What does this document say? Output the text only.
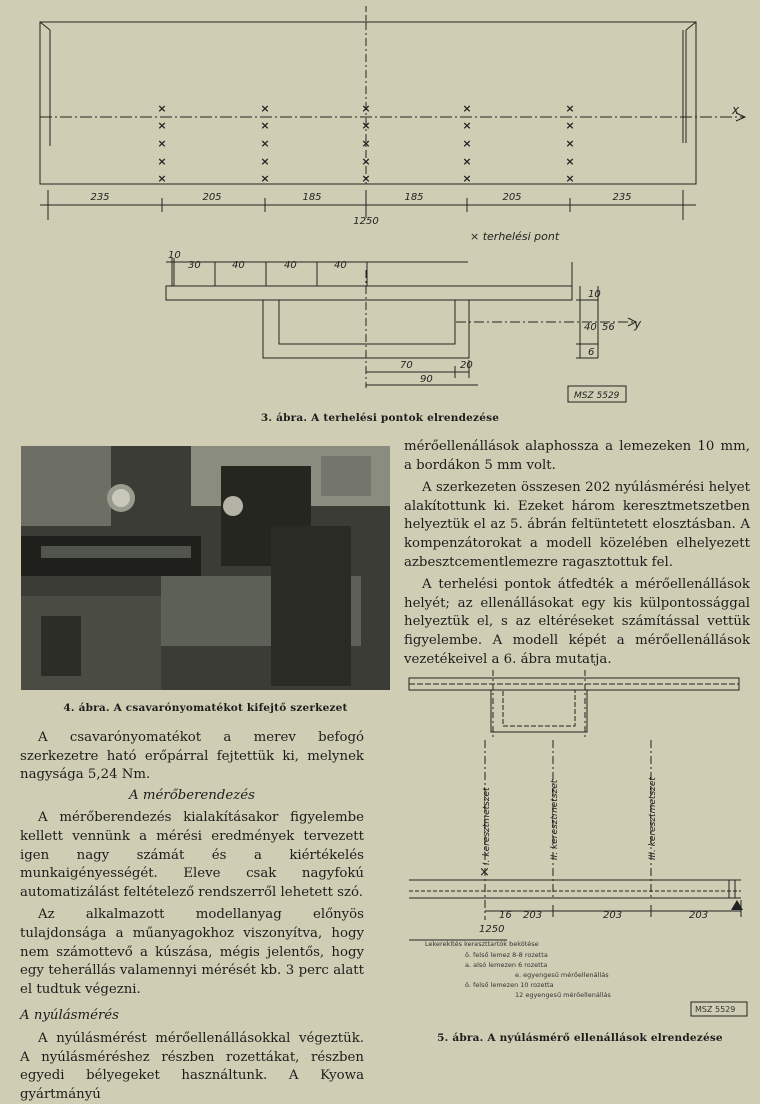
×
×
×
×
×
×
×
×
×
×
×
×
×
×
×
×
×
×
×
×
×
×
×
×
×
235	205	185	185	205	235
1250
x
× terhelési pont
10
30	40	40	40
10
40 56
6
y
70	20
90
MSZ 5529
3. ábra. A terhelési pontok elrendezése
4. ábra. A csavarónyomatékot kifejtő szerkezet

mérőellenállások alaphossza a lemezeken 10 mm, a bordákon 5 mm volt.

A szerkezeten összesen 202 nyúlásmérési helyet alakítottunk ki. Ezeket három keresztmetszetben helyeztük el az 5. ábrán feltüntetett elosztásban. A kompenzátorokat a modell közelében elhelyezett azbesztcementlemezre ragasztottuk fel.

A terhelési pontok átfedték a mérőellenállások helyét; az ellenállásokat egy kis külpontossággal helyeztük el, s az eltéréseket számítással vettük figyelembe. A modell képét a mérőellenállások vezetékeivel a 6. ábra mutatja.

A csavarónyomatékot a merev befogó szerkezetre ható erőpárral fejtettük ki, melynek nagysága 5,24 Nm.

A mérőberendezés

A mérőberendezés kialakításakor figyelembe kellett vennünk a mérési eredmények tervezett igen nagy számát és a kiértékelés munkaigényességét. Eleve csak nagyfokú automatizálást feltételező rendszerről lehetett szó.

Az alkalmazott modellanyag előnyös tulajdonsága a műanyagokhoz viszonyítva, hogy nem számottevő a kúszása, mégis jelentős, hogy egy teherállás valamennyi mérését kb. 3 perc alatt el tudtuk végezni.

A nyúlásmérés

A nyúlásmérést mérőellenállásokkal végeztük. A nyúlásméréshez részben rozettákat, részben egyedi bélyegeket használtunk. A Kyowa gyártmányú

×
I. keresztmetszet	II. keresztmetszet	III. keresztmetszet
16 203	203	203
1250
Lekerekítés kereszttartók bekötése
ö. felső lemez 8-8 rozetta
a. alsó lemezen 6 rozetta
e. egyengesű mérőellenállás
ö. felső lemezen 10 rozetta
12 egyengesű mérőellenállás
MSZ 5529
5. ábra. A nyúlásmérő ellenállások elrendezése
